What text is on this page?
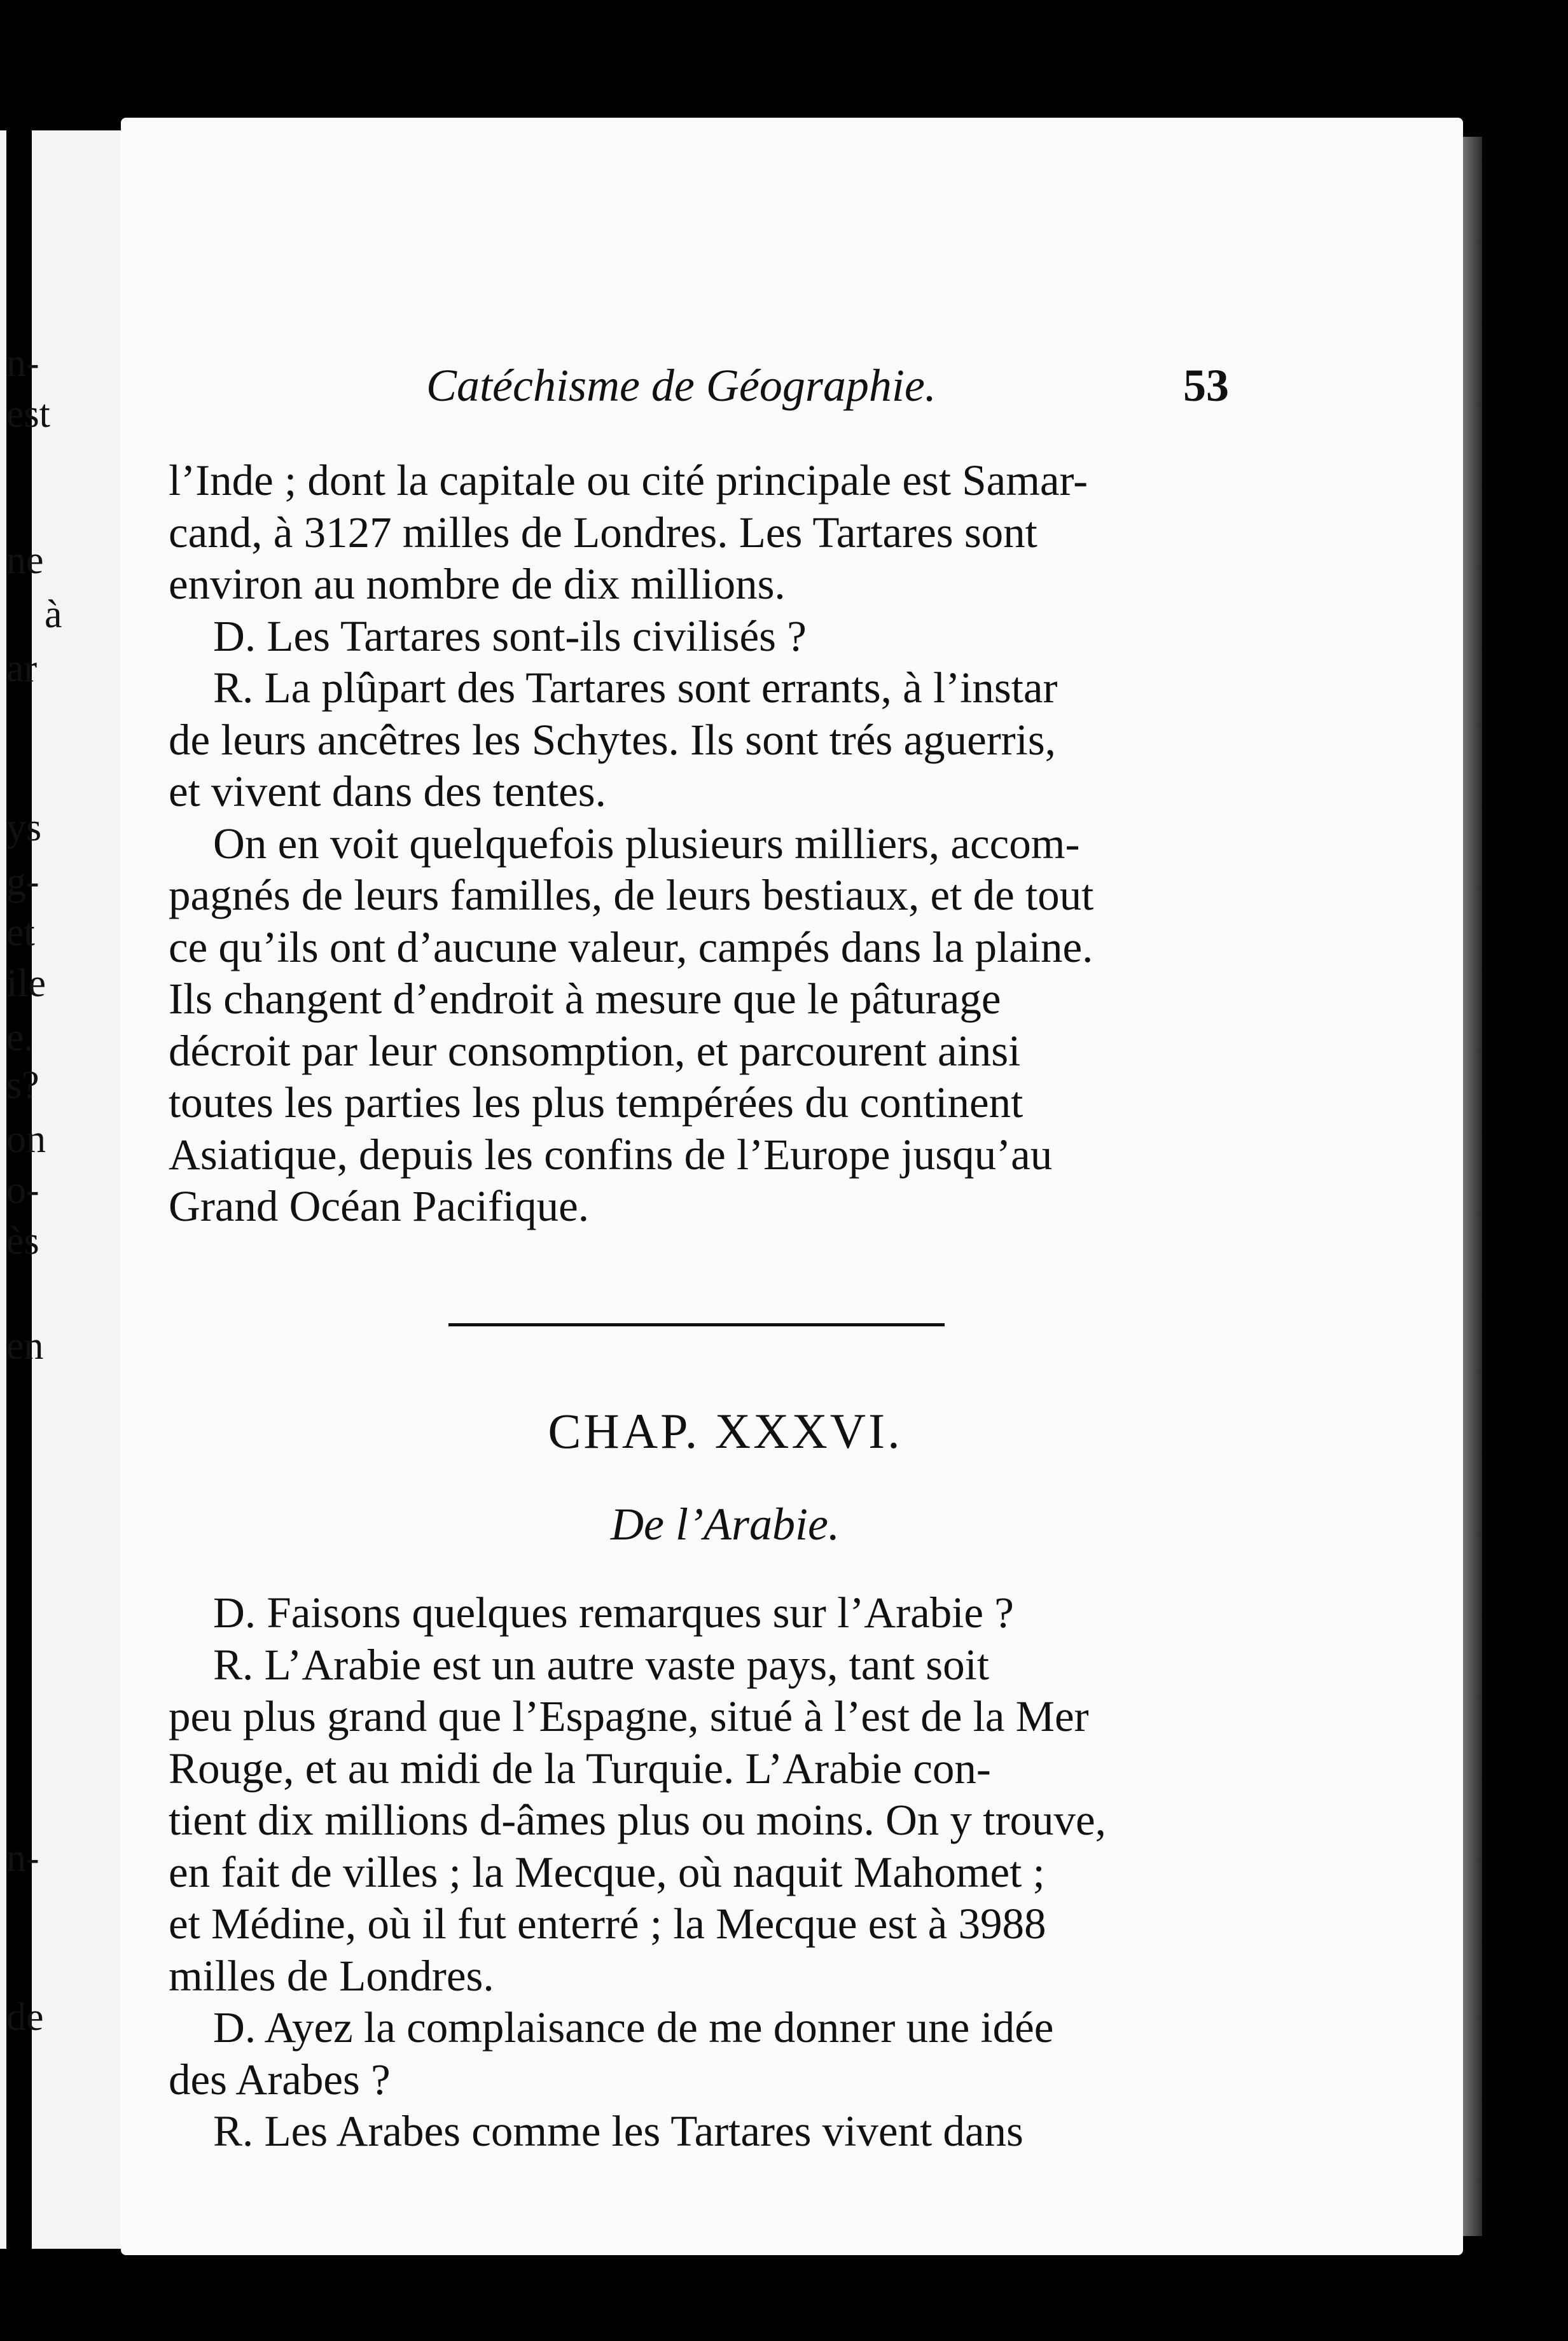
n-
est
ne
à
ar
ys
g-
et
ile
e.
s?
on
o-
ès
en
n-
de
Catéchisme de Géographie.	53

l’Inde ; dont la capitale ou cité principale est Samar-

cand, à 3127 milles de Londres. Les Tartares sont

environ au nombre de dix millions.

D. Les Tartares sont-ils civilisés ?

R. La plûpart des Tartares sont errants, à l’instar

de leurs ancêtres les Schytes. Ils sont trés aguerris,

et vivent dans des tentes.

On en voit quelquefois plusieurs milliers, accom-

pagnés de leurs familles, de leurs bestiaux, et de tout

ce qu’ils ont d’aucune valeur, campés dans la plaine.

Ils changent d’endroit à mesure que le pâturage

décroit par leur consomption, et parcourent ainsi

toutes les parties les plus tempérées du continent

Asiatique, depuis les confins de l’Europe jusqu’au

Grand Océan Pacifique.

CHAP. XXXVI.
De l’Arabie.

D. Faisons quelques remarques sur l’Arabie ?

R. L’Arabie est un autre vaste pays, tant soit

peu plus grand que l’Espagne, situé à l’est de la Mer

Rouge, et au midi de la Turquie. L’Arabie con-

tient dix millions d-âmes plus ou moins. On y trouve,

en fait de villes ; la Mecque, où naquit Mahomet ;

et Médine, où il fut enterré ; la Mecque est à 3988

milles de Londres.

D. Ayez la complaisance de me donner une idée

des Arabes ?

R. Les Arabes comme les Tartares vivent dans
